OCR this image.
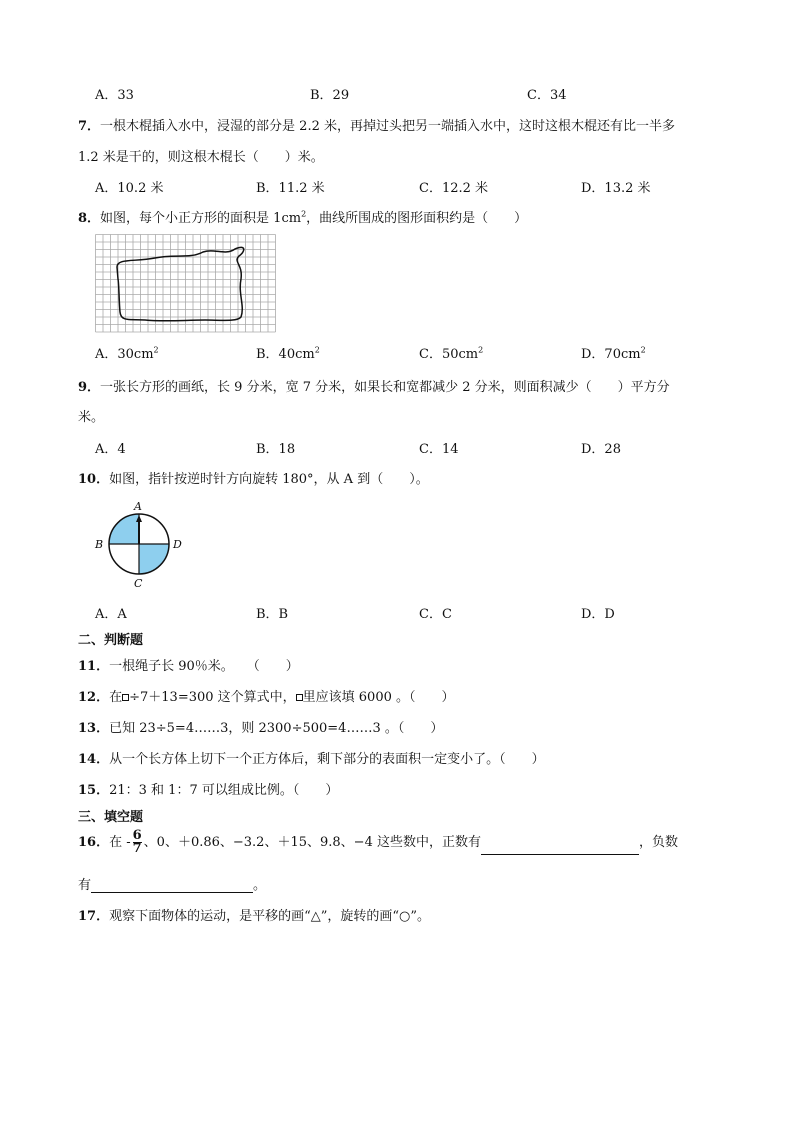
A．33	B．29	C．34
7．一根木棍插入水中，浸湿的部分是 2.2 米，再掉过头把另一端插入水中，这时这根木棍还有比一半多
1.2 米是干的，则这根木棍长（　　）米。
A．10.2 米	B．11.2 米	C．12.2 米	D．13.2 米
8．如图，每个小正方形的面积是 $1cm^2$，曲线所围成的图形面积约是（　　）
A．$30cm^2$	B．$40cm^2$	C．$50cm^2$	D．$70cm^2$
9．一张长方形的画纸，长 9 分米，宽 7 分米，如果长和宽都减少 2 分米，则面积减少（　　）平方分
米。
A．4	B．18	C．14	D．28
10．如图，指针按逆时针方向旋转 180°，从 A 到（　　）。
A
B	D
C
A．A	B．B	C．C	D．D
二、判断题
11．一根绳子长 90％米。　　（　　）
12．在 ÷7＋13=300 这个算式中， 里应该填 6000 。（　　）
13．已知 23÷5=4……3，则 2300÷500=4……3 。（　　）
14．从一个长方体上切下一个正方体后，剩下部分的表面积一定变小了。（　　）
15．21：3 和 1：7 可以组成比例。（　　）
三、填空题
16．在 - $\frac{6}{7}$ 、0、＋0.86、−3.2、＋15、9.8、−4 这些数中，正数有	，负数
有	。
17．观察下面物体的运动，是平移的画“△”，旋转的画“○”。
